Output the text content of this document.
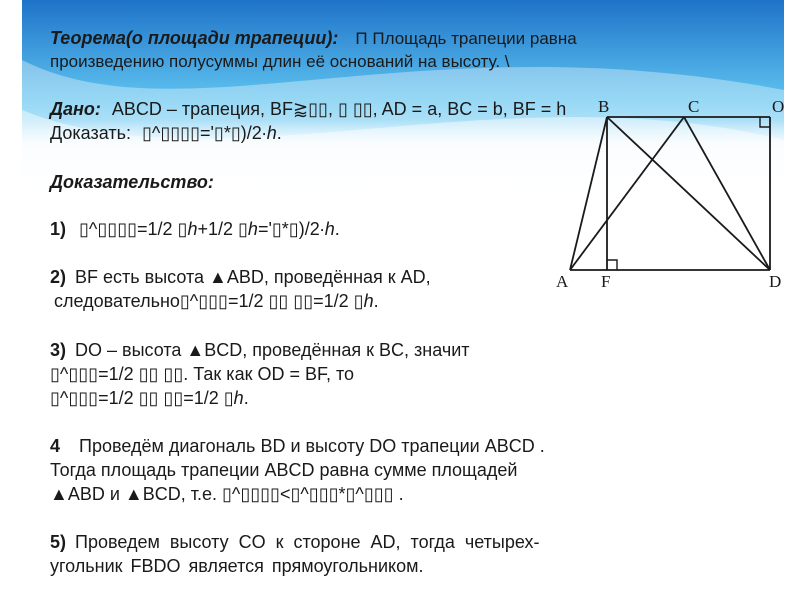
Теорема(о площади трапеции): П Площадь трапеции равна
произведению полусуммы длин её оснований на высоту. \
Дано: ABCD – трапеция, BF⪆▯▯, ▯ ▯▯, AD = a, BC = b, BF = h
Доказать: ▯^▯▯▯▯='▯*▯)/2∙h.
Доказательство:
1) ▯^▯▯▯▯=1/2 ▯h+1/2 ▯h='▯*▯)/2∙h.
2) BF есть высота ▲ABD, проведённая к AD,
следовательно▯^▯▯▯=1/2 ▯▯ ▯▯=1/2 ▯h.
3) DO – высота ▲BCD, проведённая к BC, значит
▯^▯▯▯=1/2 ▯▯ ▯▯. Так как OD = BF, то
▯^▯▯▯=1/2 ▯▯ ▯▯=1/2 ▯h.
4 Проведём диагональ BD и высоту DO трапеции ABCD .
Тогда площадь трапеции ABCD равна сумме площадей
▲ABD и ▲BCD, т.е. ▯^▯▯▯▯<▯^▯▯▯*▯^▯▯▯ .
5) Проведем высоту CO к стороне AD, тогда четырех-
угольник FBDO является прямоугольником.
A F	D
B	C	O
